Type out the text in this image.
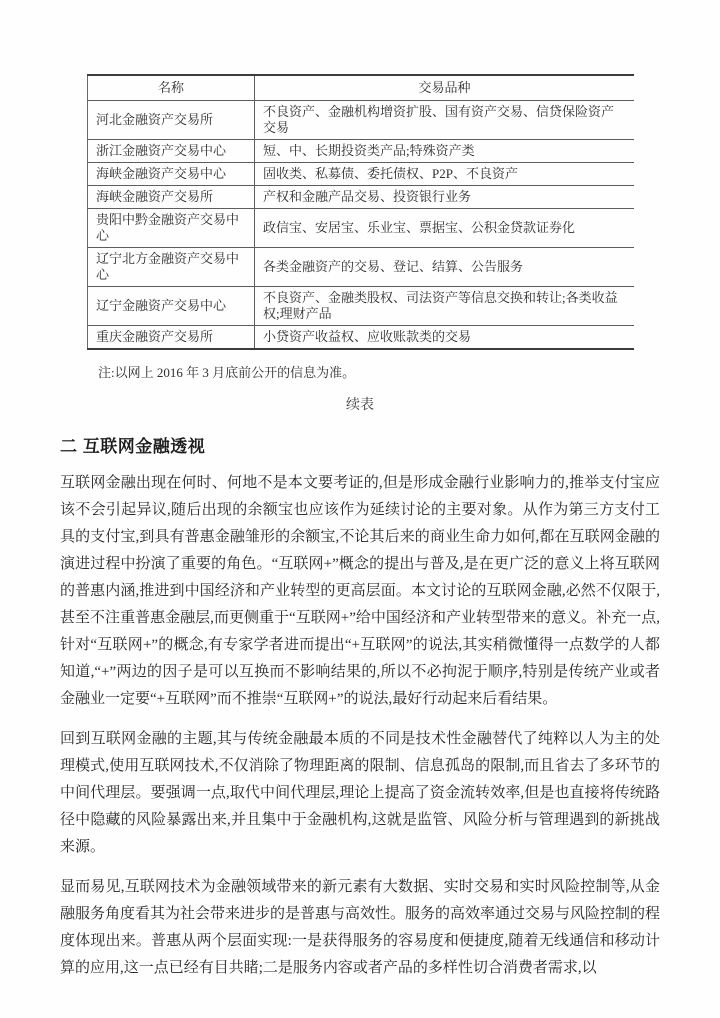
名称	交易品种
河北金融资产交易所	不良资产、金融机构增资扩股、国有资产交易、信贷保险资产交易
浙江金融资产交易中心	短、中、长期投资类产品;特殊资产类
海峡金融资产交易中心	固收类、私募债、委托债权、P2P、不良资产
海峡金融资产交易所	产权和金融产品交易、投资银行业务
贵阳中黔金融资产交易中心	政信宝、安居宝、乐业宝、票据宝、公积金贷款证券化
辽宁北方金融资产交易中心	各类金融资产的交易、登记、结算、公告服务
辽宁金融资产交易中心	不良资产、金融类股权、司法资产等信息交换和转让;各类收益权;理财产品
重庆金融资产交易所	小贷资产收益权、应收账款类的交易
注:以网上 2016 年 3 月底前公开的信息为准。
续表
二 互联网金融透视

互联网金融出现在何时、何地不是本文要考证的,但是形成金融行业影响力的,推举支付宝应该不会引起异议,随后出现的余额宝也应该作为延续讨论的主要对象。从作为第三方支付工具的支付宝,到具有普惠金融雏形的余额宝,不论其后来的商业生命力如何,都在互联网金融的演进过程中扮演了重要的角色。“互联网+”概念的提出与普及,是在更广泛的意义上将互联网的普惠内涵,推进到中国经济和产业转型的更高层面。本文讨论的互联网金融,必然不仅限于,甚至不注重普惠金融层,而更侧重于“互联网+”给中国经济和产业转型带来的意义。补充一点,针对“互联网+”的概念,有专家学者进而提出“+互联网”的说法,其实稍微懂得一点数学的人都知道,“+”两边的因子是可以互换而不影响结果的,所以不必拘泥于顺序,特别是传统产业或者金融业一定要“+互联网”而不推崇“互联网+”的说法,最好行动起来后看结果。

回到互联网金融的主题,其与传统金融最本质的不同是技术性金融替代了纯粹以人为主的处理模式,使用互联网技术,不仅消除了物理距离的限制、信息孤岛的限制,而且省去了多环节的中间代理层。要强调一点,取代中间代理层,理论上提高了资金流转效率,但是也直接将传统路径中隐藏的风险暴露出来,并且集中于金融机构,这就是监管、风险分析与管理遇到的新挑战来源。

显而易见,互联网技术为金融领域带来的新元素有大数据、实时交易和实时风险控制等,从金融服务角度看其为社会带来进步的是普惠与高效性。服务的高效率通过交易与风险控制的程度体现出来。普惠从两个层面实现:一是获得服务的容易度和便捷度,随着无线通信和移动计算的应用,这一点已经有目共睹;二是服务内容或者产品的多样性切合消费者需求,以
